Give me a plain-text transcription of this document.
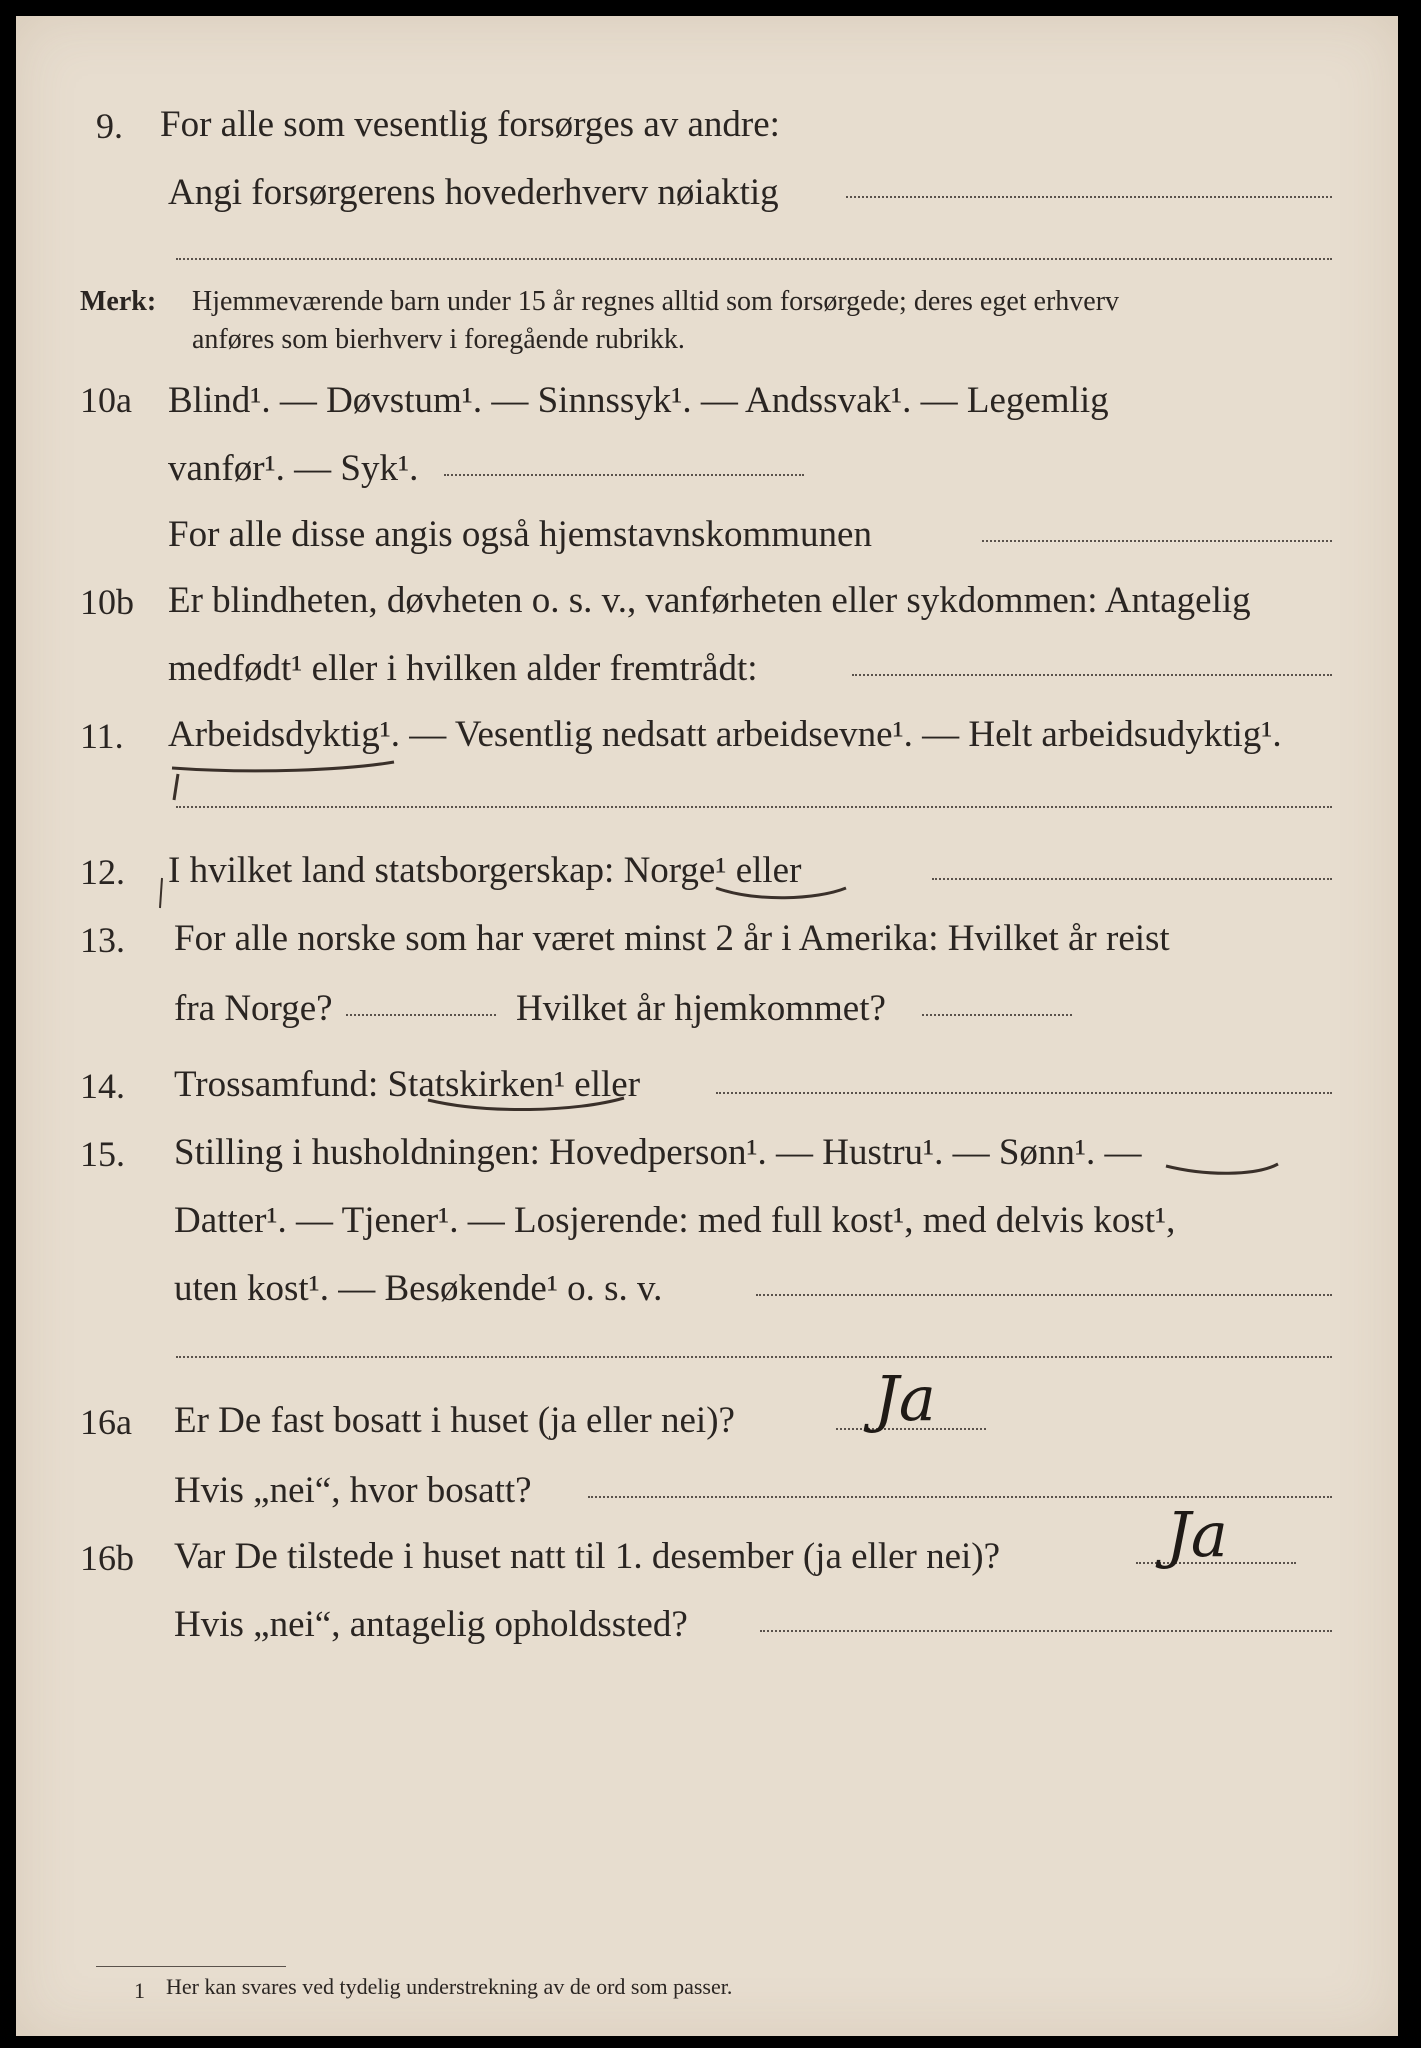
9. For alle som vesentlig forsørges av andre:
Angi forsørgerens hovederhverv nøiaktig
Merk: Hjemmeværende barn under 15 år regnes alltid som forsørgede; deres eget erhverv
anføres som bierhverv i foregående rubrikk.
10a Blind¹. — Døvstum¹. — Sinnssyk¹. — Andssvak¹. — Legemlig
vanfør¹. — Syk¹.
For alle disse angis også hjemstavnskommunen
10b Er blindheten, døvheten o. s. v., vanførheten eller sykdommen: Antagelig
medfødt¹ eller i hvilken alder fremtrådt:
11. Arbeidsdyktig¹. — Vesentlig nedsatt arbeidsevne¹. — Helt arbeidsudyktig¹.
12. I hvilket land statsborgerskap: Norge¹ eller
13. For alle norske som har været minst 2 år i Amerika: Hvilket år reist
fra Norge?	Hvilket år hjemkommet?
14. Trossamfund: Statskirken¹ eller
15. Stilling i husholdningen: Hovedperson¹. — Hustru¹. — Sønn¹. —
Datter¹. — Tjener¹. — Losjerende: med full kost¹, med delvis kost¹,
uten kost¹. — Besøkende¹ o. s. v.
16a Er De fast bosatt i huset (ja eller nei)?
Hvis „nei“, hvor bosatt?
16b Var De tilstede i huset natt til 1. desember (ja eller nei)?
Hvis „nei“, antagelig opholdssted?
1 Her kan svares ved tydelig understrekning av de ord som passer.
Ja
Ja
